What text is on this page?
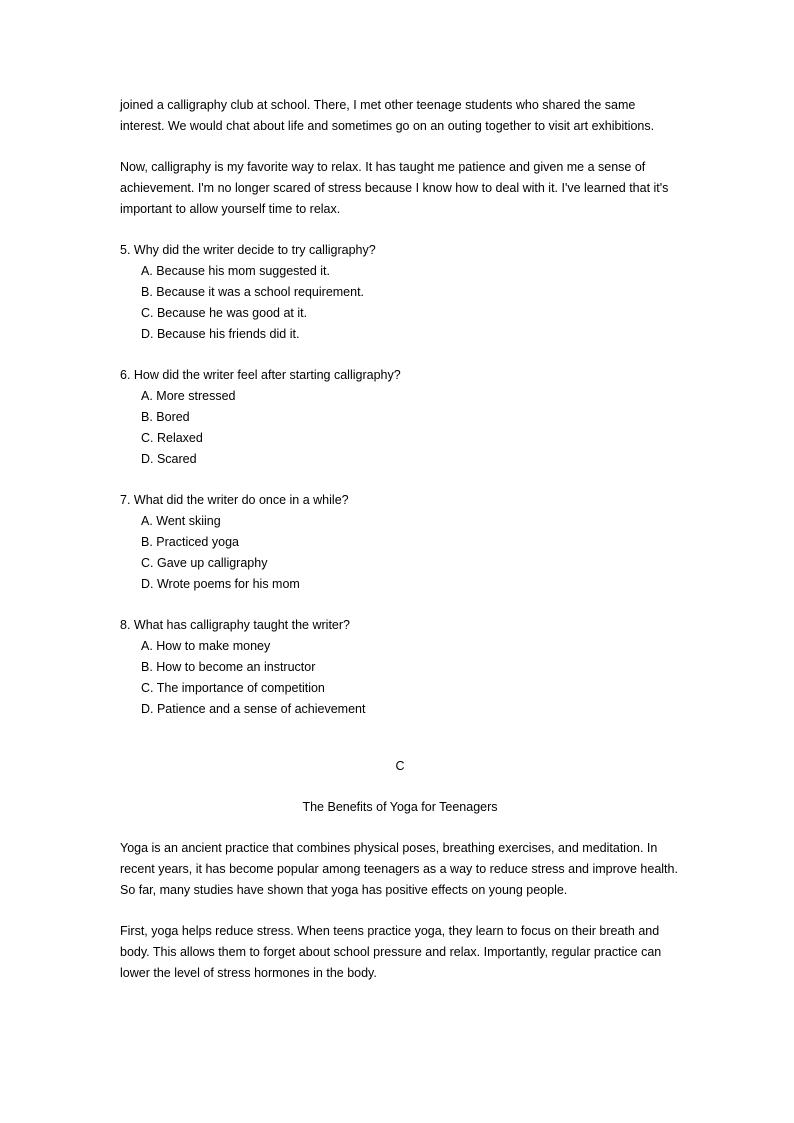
joined a calligraphy club at school. There, I met other teenage students who shared the same interest. We would chat about life and sometimes go on an outing together to visit art exhibitions.

Now, calligraphy is my favorite way to relax. It has taught me patience and given me a sense of achievement. I'm no longer scared of stress because I know how to deal with it. I've learned that it's important to allow yourself time to relax.

5. Why did the writer decide to try calligraphy?

A. Because his mom suggested it.

B. Because it was a school requirement.

C. Because he was good at it.

D. Because his friends did it.

6. How did the writer feel after starting calligraphy?

A. More stressed

B. Bored

C. Relaxed

D. Scared

7. What did the writer do once in a while?

A. Went skiing

B. Practiced yoga

C. Gave up calligraphy

D. Wrote poems for his mom

8. What has calligraphy taught the writer?

A. How to make money

B. How to become an instructor

C. The importance of competition

D. Patience and a sense of achievement

C

The Benefits of Yoga for Teenagers

Yoga is an ancient practice that combines physical poses, breathing exercises, and meditation. In recent years, it has become popular among teenagers as a way to reduce stress and improve health. So far, many studies have shown that yoga has positive effects on young people.

First, yoga helps reduce stress. When teens practice yoga, they learn to focus on their breath and body. This allows them to forget about school pressure and relax. Importantly, regular practice can lower the level of stress hormones in the body.
